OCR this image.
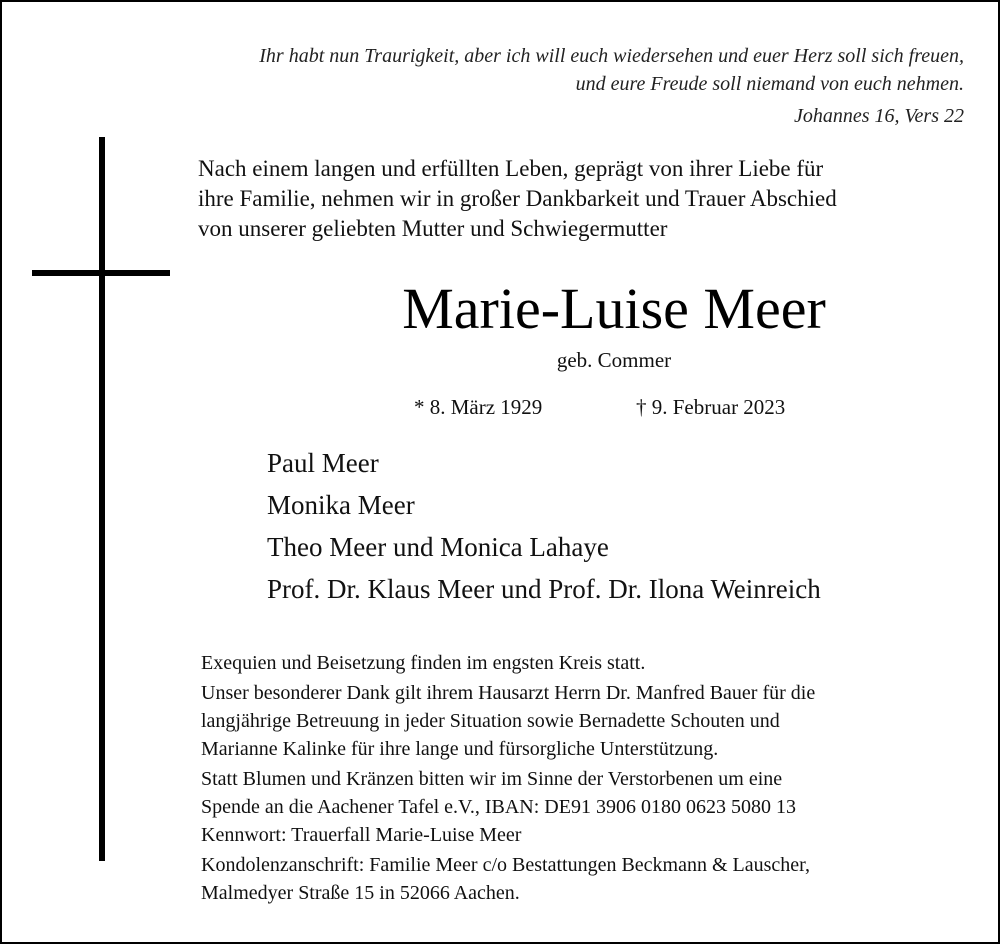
Ihr habt nun Traurigkeit, aber ich will euch wiedersehen und euer Herz soll sich freuen,
und eure Freude soll niemand von euch nehmen.
Johannes 16, Vers 22
Nach einem langen und erfüllten Leben, geprägt von ihrer Liebe für
ihre Familie, nehmen wir in großer Dankbarkeit und Trauer Abschied
von unserer geliebten Mutter und Schwiegermutter
Marie-Luise Meer
geb. Commer
* 8. März 1929	† 9. Februar 2023
Paul Meer
Monika Meer
Theo Meer und Monica Lahaye
Prof. Dr. Klaus Meer und Prof. Dr. Ilona Weinreich

Exequien und Beisetzung finden im engsten Kreis statt.

Unser besonderer Dank gilt ihrem Hausarzt Herrn Dr. Manfred Bauer für die
langjährige Betreuung in jeder Situation sowie Bernadette Schouten und
Marianne Kalinke für ihre lange und fürsorgliche Unterstützung.

Statt Blumen und Kränzen bitten wir im Sinne der Verstorbenen um eine
Spende an die Aachener Tafel e.V., IBAN: DE91 3906 0180 0623 5080 13
Kennwort: Trauerfall Marie-Luise Meer

Kondolenzanschrift: Familie Meer c/o Bestattungen Beckmann & Lauscher,
Malmedyer Straße 15 in 52066 Aachen.
